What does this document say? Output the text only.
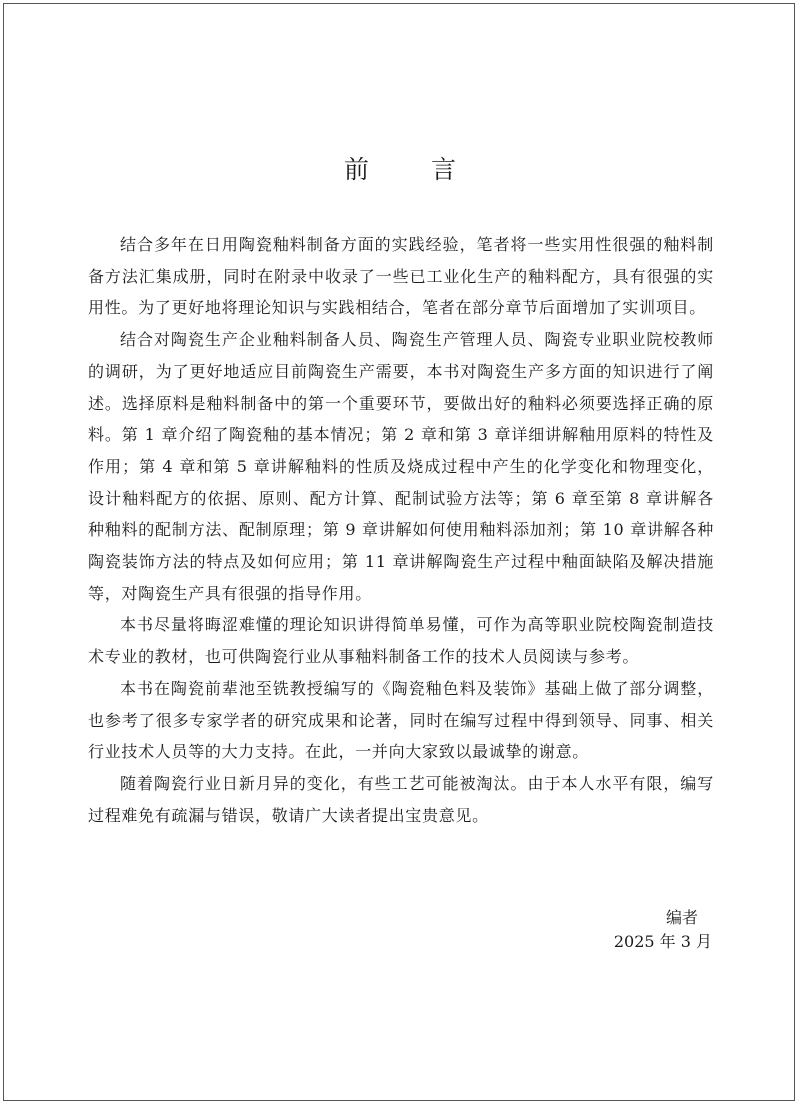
前 言

结合多年在日用陶瓷釉料制备方面的实践经验，笔者将一些实用性很强的釉料制备方法汇集成册，同时在附录中收录了一些已工业化生产的釉料配方，具有很强的实用性。为了更好地将理论知识与实践相结合，笔者在部分章节后面增加了实训项目。

结合对陶瓷生产企业釉料制备人员、陶瓷生产管理人员、陶瓷专业职业院校教师的调研，为了更好地适应目前陶瓷生产需要，本书对陶瓷生产多方面的知识进行了阐述。选择原料是釉料制备中的第一个重要环节，要做出好的釉料必须要选择正确的原料。第 1 章介绍了陶瓷釉的基本情况；第 2 章和第 3 章详细讲解釉用原料的特性及作用；第 4 章和第 5 章讲解釉料的性质及烧成过程中产生的化学变化和物理变化，设计釉料配方的依据、原则、配方计算、配制试验方法等；第 6 章至第 8 章讲解各种釉料的配制方法、配制原理；第 9 章讲解如何使用釉料添加剂；第 10 章讲解各种陶瓷装饰方法的特点及如何应用；第 11 章讲解陶瓷生产过程中釉面缺陷及解决措施等，对陶瓷生产具有很强的指导作用。

本书尽量将晦涩难懂的理论知识讲得简单易懂，可作为高等职业院校陶瓷制造技术专业的教材，也可供陶瓷行业从事釉料制备工作的技术人员阅读与参考。

本书在陶瓷前辈池至铣教授编写的《陶瓷釉色料及装饰》基础上做了部分调整，也参考了很多专家学者的研究成果和论著，同时在编写过程中得到领导、同事、相关行业技术人员等的大力支持。在此，一并向大家致以最诚挚的谢意。

随着陶瓷行业日新月异的变化，有些工艺可能被淘汰。由于本人水平有限，编写过程难免有疏漏与错误，敬请广大读者提出宝贵意见。

编者
2025 年 3 月
